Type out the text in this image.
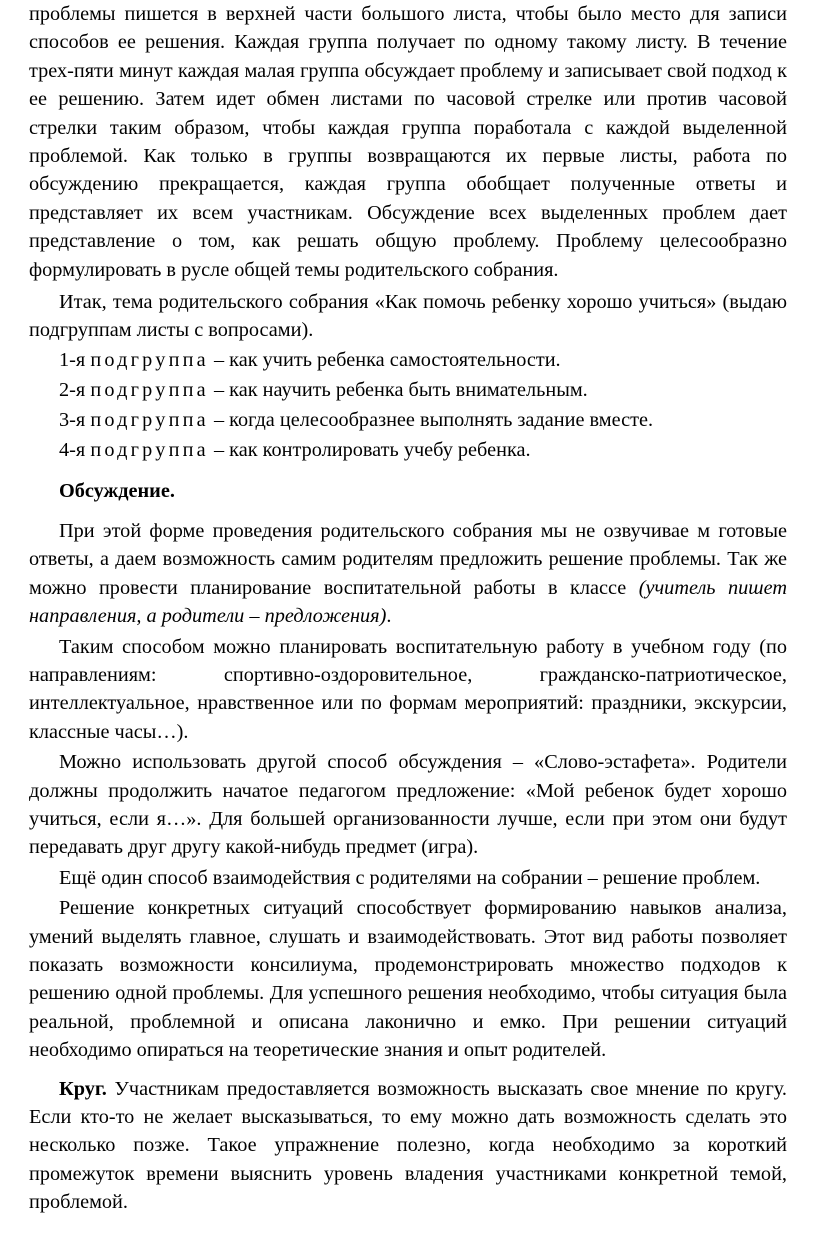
проблемы пишется в верхней части большого листа, чтобы было место для записи способов ее решения. Каждая группа получает по одному такому листу. В течение трех-пяти минут каждая малая группа обсуждает проблему и записывает свой подход к ее решению. Затем идет обмен листами по часовой стрелке или против часовой стрелки таким образом, чтобы каждая группа поработала с каждой выделенной проблемой. Как только в группы возвращаются их первые листы, работа по обсуждению прекращается, каждая группа обобщает полученные ответы и представляет их всем участникам. Обсуждение всех выделенных проблем дает представление о том, как решать общую проблему. Проблему целесообразно формулировать в русле общей темы родительского собрания.

Итак, тема родительского собрания «Как помочь ребенку хорошо учиться» (выдаю подгруппам листы с вопросами).

1-я подгруппа – как учить ребенка самостоятельности.

2-я подгруппа – как научить ребенка быть внимательным.

3-я подгруппа – когда целесообразнее выполнять задание вместе.

4-я подгруппа – как контролировать учебу ребенка.

Обсуждение.

При этой форме проведения родительского собрания мы не озвучивае м готовые ответы, а даем возможность самим родителям предложить решение проблемы. Так же можно провести планирование воспитательной работы в классе (учитель пишет направления, а родители – предложения).

Таким способом можно планировать воспитательную работу в учебном году (по направлениям: спортивно-оздоровительное, гражданско-патриотическое, интеллектуальное, нравственное или по формам мероприятий: праздники, экскурсии, классные часы…).

Можно использовать другой способ обсуждения – «Слово-эстафета». Родители должны продолжить начатое педагогом предложение: «Мой ребенок будет хорошо учиться, если я…». Для большей организованности лучше, если при этом они будут передавать друг другу какой-нибудь предмет (игра).

Ещё один способ взаимодействия с родителями на собрании – решение проблем.

Решение конкретных ситуаций способствует формированию навыков анализа, умений выделять главное, слушать и взаимодействовать. Этот вид работы позволяет показать возможности консилиума, продемонстрировать множество подходов к решению одной проблемы. Для успешного решения необходимо, чтобы ситуация была реальной, проблемной и описана лаконично и емко. При решении ситуаций необходимо опираться на теоретические знания и опыт родителей.

Круг. Участникам предоставляется возможность высказать свое мнение по кругу. Если кто-то не желает высказываться, то ему можно дать возможность сделать это несколько позже. Такое упражнение полезно, когда необходимо за короткий промежуток времени выяснить уровень владения участниками конкретной темой, проблемой.
